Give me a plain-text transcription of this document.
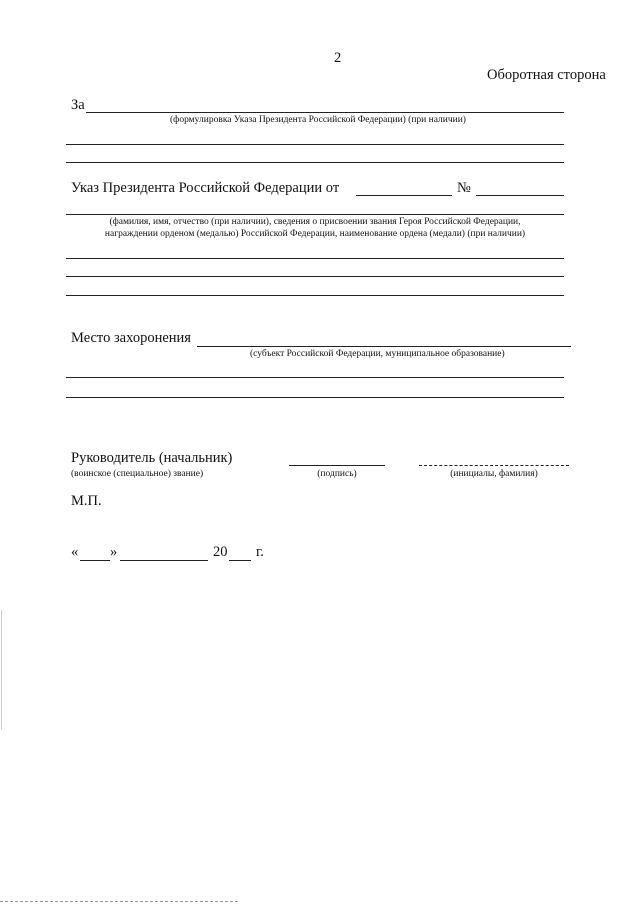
2
Оборотная сторона
За
(формулировка Указа Президента Российской Федерации) (при наличии)
Указ Президента Российской Федерации от	№
(фамилия, имя, отчество (при наличии), сведения о присвоении звания Героя Российской Федерации,
награждении орденом (медалью) Российской Федерации, наименование ордена (медали) (при наличии)
Место захоронения
(субъект Российской Федерации, муниципальное образование)
Руководитель (начальник)
(воинское (специальное) звание)	(подпись)	(инициалы, фамилия)
М.П.
« »	20 г.
